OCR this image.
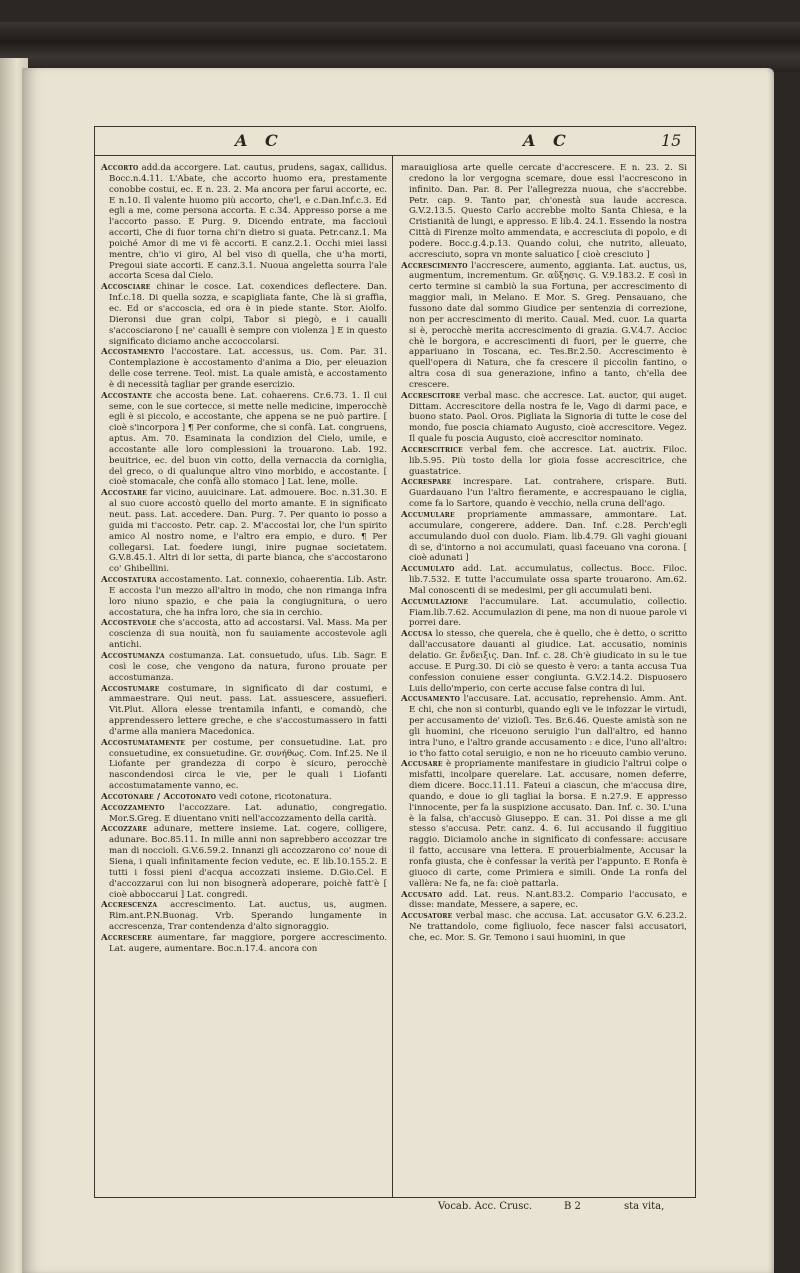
A C	A C	15

Accorto add.da accorgere. Lat. cautus, prudens, sagax, callidus. Bocc.n.4.11. L'Abate, che accorto huomo era, prestamente conobbe costui, ec. E n. 23. 2. Ma ancora per farui accorte, ec. E n.10. Il valente huomo più accorto, che'l, e c.Dan.Inf.c.3. Ed egli a me, come persona accorta. E c.34. Appresso porse a me l'accorto passo. E Purg. 9. Dicendo entrate, ma facciouì accorti, Che di fuor torna chi'n dietro si guata. Petr.canz.1. Ma poiché Amor di me vi fè accorti. E canz.2.1. Occhi miei lassi mentre, ch'io vi giro, Al bel viso di quella, che u'ha morti, Pregoui siate accorti. E canz.3.1. Nuoua angeletta sourra l'ale accorta Scesa dal Cielo.

Accosciare chinar le cosce. Lat. coxendices deflectere. Dan. Inf.c.18. Di quella sozza, e scapigliata fante, Che là si graffia, ec. Ed or s'accoscia, ed ora è in piede stante. Stor. Aiolfo. Dieronsi due gran colpi, Tabor si piegò, e i caualli s'accosciarono [ ne' caualli è sempre con violenza ] E in questo significato diciamo anche accoccolarsi.

Accostamento l'accostare. Lat. accessus, us. Com. Par. 31. Contemplazione è accostamento d'anima a Dio, per eleuazion delle cose terrene. Teol. mist. La quale amistà, e accostamento è di necessità tagliar per grande esercizio.

Accostante che accosta bene. Lat. cohaerens. Cr.6.73. 1. Il cui seme, con le sue cortecce, si mette nelle medicine, imperocchè egli è si piccolo, e accostante, che appena se ne può partire. [ cioè s'incorpora ] ¶ Per conforme, che si confà. Lat. congruens, aptus. Am. 70. Esaminata la condizion del Cielo, umile, e accostante alle loro complessioni la trouarono. Lab. 192. beuitrice, ec. del buon vin cotto, della vernaccia da corniglia, del greco, o di qualunque altro vino morbido, e accostante. [ cioè stomacale, che confà allo stomaco ] Lat. lene, molle.

Accostare far vicino, auuicinare. Lat. admouere. Boc. n.31.30. E al suo cuore accostò quello del morto amante. E in significato neut. pass. Lat. accedere. Dan. Purg. 7. Per quanto io posso a guida mi t'accosto. Petr. cap. 2. M'accostai lor, che l'un spirito amico Al nostro nome, e l'altro era empio, e duro. ¶ Per collegarsi. Lat. foedere iungi, inire pugnae societatem. G.V.8.45.1. Altri di lor setta, di parte bianca, che s'accostarono co' Ghibellini.

Accostatura accostamento. Lat. connexio, cohaerentia. Lib. Astr. E accosta l'un mezzo all'altro in modo, che non rimanga infra loro niuno spazio, e che paia la congiugnitura, o uero accostatura, che ha infra loro, che sia in cerchio.

Accostevole che s'accosta, atto ad accostarsi. Val. Mass. Ma per coscienza di sua nouità, non fu sauiamente accostevole agli antichi.

Accostumanza costumanza. Lat. consuetudo, uſus. Lib. Sagr. E così le cose, che vengono da natura, furono prouate per accostumanza.

Accostumare costumare, in significato di dar costumi, e ammaestrare. Qui neut. pass. Lat. assuescere, assuefieri. Vit.Plut. Allora elesse trentamila infanti, e comandò, che apprendessero lettere greche, e che s'accostumassero in fatti d'arme alla maniera Macedonica.

Accostumatamente per costume, per consuetudine. Lat. pro consuetudine, ex consuetudine. Gr. συνήθως. Com. Inf.25. Ne il Liofante per grandezza di corpo è sicuro, perocchè nascondendosi circa le vie, per le quali i Liofanti accostumatamente vanno, ec.

Accotonare / Accotonato vedi cotone, ricotonatura.

Accozzamento l'accozzare. Lat. adunatio, congregatio. Mor.S.Greg. E diuentano vniti nell'accozzamento della carità.

Accozzare adunare, mettere insieme. Lat. cogere, colligere, adunare. Boc.85.11. In mille anni non saprebbero accozzar tre man di noccioli. G.V.6.59.2. Innanzi gli accozzarono co' noue di Siena, i quali infinitamente fecion vedute, ec. E lib.10.155.2. E tutti i fossi pieni d'acqua accozzati insieme. D.Gio.Cel. E d'accozzarui con lui non bisognerà adoperare, poichè fatt'è [ cioè abboccarui ] Lat. congredi.

Accrescenza accrescimento. Lat. auctus, us, augmen. Rim.ant.P.N.Buonag. Vrb. Sperando lungamente in accrescenza, Trar contendenza d'alto signoraggio.

Accrescere aumentare, far maggiore, porgere accrescimento. Lat. augere, aumentare. Boc.n.17.4. ancora con

marauigliosa arte quelle cercate d'accrescere. E n. 23. 2. Si credono la lor vergogna scemare, doue essi l'accrescono in infinito. Dan. Par. 8. Per l'allegrezza nuoua, che s'accrebbe. Petr. cap. 9. Tanto par, ch'onestà sua laude accresca. G.V.2.13.5. Questo Carlo accrebbe molto Santa Chiesa, e la Cristianità de lungi, e appresso. E lib.4. 24.1. Essendo la nostra Città di Firenze molto ammendata, e accresciuta di popolo, e di podere. Bocc.g.4.p.13. Quando colui, che nutrito, alleuato, accresciuto, sopra vn monte saluatico [ cioè cresciuto ]

Accrescimento l'accrescere, aumento, aggianta. Lat. auctus, us, augmentum, incrementum. Gr. αὔξησις. G. V.9.183.2. E così in certo termine si cambiò la sua Fortuna, per accrescimento di maggior mali, in Melano. E Mor. S. Greg. Pensauano, che fussono date dal sommo Giudice per sentenzia di correzione, non per accrescimento di merito. Caual. Med. cuor. La quarta si è, perocchè merita accrescimento di grazia. G.V.4.7. Accioc chè le borgora, e accrescimenti di fuori, per le guerre, che appariuano in Toscana, ec. Tes.Br.2.50. Accrescimento è quell'opera di Natura, che fa crescere il piccolin fantino, o altra cosa di sua generazione, infino a tanto, ch'ella dee crescere.

Accrescitore verbal masc. che accresce. Lat. auctor, qui auget. Dittam. Accrescitore della nostra fe le, Vago di darmi pace, e buono stato. Paol. Oros. Pigliata la Signoria di tutte le cose del mondo, fue poscia chiamato Augusto, cioè accrescitore. Vegez. Il quale fu poscia Augusto, cioè accrescitor nominato.

Accrescitrice verbal fem. che accresce. Lat. auctrix. Filoc. lib.5.95. Più tosto della lor gioia fosse accrescitrice, che guastatrice.

Accrespare increspare. Lat. contrahere, crispare. Buti. Guardauano l'un l'altro fieramente, e accrespauano le ciglia, come fa lo Sartore, quando è vecchio, nella cruna dell'ago.

Accumulare propriamente ammassare, ammontare. Lat. accumulare, congerere, addere. Dan. Inf. c.28. Perch'egli accumulando duol con duolo. Fiam. lib.4.79. Gli vaghi giouani di se, d'intorno a noi accumulati, quasi faceuano vna corona. [ cioè adunati ]

Accumulato add. Lat. accumulatus, collectus. Bocc. Filoc. lib.7.532. E tutte l'accumulate ossa sparte trouarono. Am.62. Mal conoscenti di se medesimi, per gli accumulati beni.

Accumulazione l'accumulare. Lat. accumulatio, collectio. Fiam.lib.7.62. Accumulazion di pene, ma non di nuoue parole vi porrei dare.

Accusa lo stesso, che querela, che è quello, che è detto, o scritto dall'accusatore dauanti al giudice. Lat. accusatio, nominis delatio. Gr. ἔνδειξις. Dan. Inf. c. 28. Ch'è giudicato in su le tue accuse. E Purg.30. Di ciò se questo è vero: a tanta accusa Tua confession conuiene esser congiunta. G.V.2.14.2. Dispuosero Luis dello'mperio, con certe accuse false contra di lui.

Accusamento l'accusare. Lat. accusatio, reprehensio. Amm. Ant. E chi, che non si conturbi, quando egli ve le infozzar le virtudi, per accusamento de' vizioſi. Tes. Br.6.46. Queste amistà son ne gli huomini, che riceuono seruigio l'un dall'altro, ed hanno intra l'uno, e l'altro grande accusamento : e dice, l'uno all'altro: io t'ho fatto cotal seruigio, e non ne ho riceuuto cambio veruno.

Accusare è propriamente manifestare in giudicio l'altrui colpe o misfatti, incolpare querelare. Lat. accusare, nomen deferre, diem dicere. Bocc.11.11. Fateui a ciascun, che m'accusa dire, quando, e doue io gli tagliai la borsa. E n.27.9. E appresso l'innocente, per fa la suspizione accusato. Dan. Inf. c. 30. L'una è la falsa, ch'accusò Giuseppo. E can. 31. Poi disse a me gli stesso s'accusa. Petr. canz. 4. 6. Iui accusando il fuggitiuo raggio. Diciamolo anche in significato di confessare: accusare il fatto, accusare vna lettera. E prouerbialmente, Accusar la ronfa giusta, che è confessar la verità per l'appunto. E Ronfa è giuoco di carte, come Primiera e simili. Onde La ronfa del vallèra: Ne fa, ne fa: cioè pattarla.

Accusato add. Lat. reus. N.ant.83.2. Compario l'accusato, e disse: mandate, Messere, a sapere, ec.

Accusatore verbal masc. che accusa. Lat. accusator G.V. 6.23.2. Ne trattandolo, come figliuolo, fece nascer falsi accusatori, che, ec. Mor. S. Gr. Temono i saui huomini, in que

Vocab. Acc. Crusc.	B 2	sta vita,
